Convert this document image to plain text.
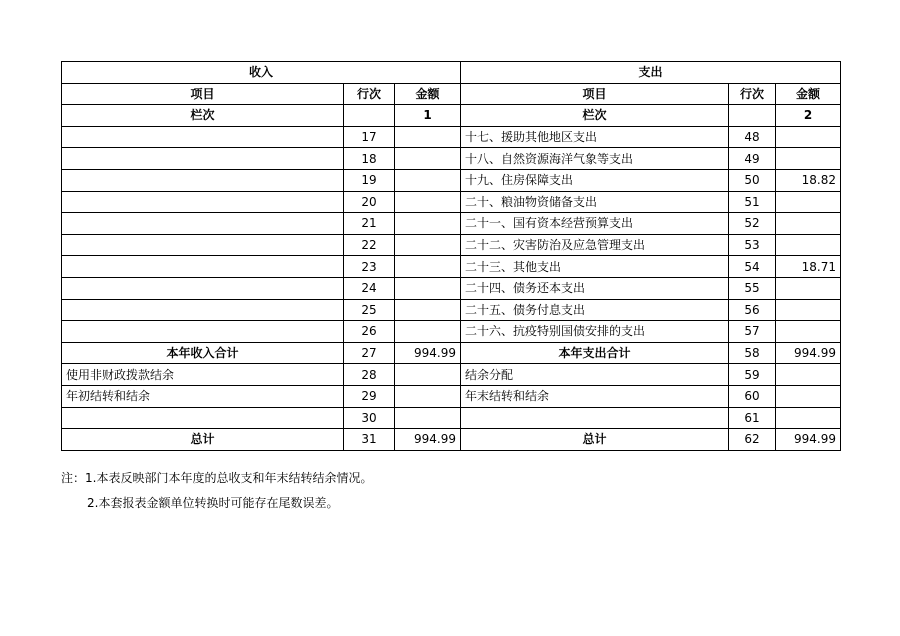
收入			支出		
项目	行次	金额	项目	行次	金额
栏次		1	栏次		2
	17		十七、援助其他地区支出	48	
	18		十八、自然资源海洋气象等支出	49	
	19		十九、住房保障支出	50	18.82
	20		二十、粮油物资储备支出	51	
	21		二十一、国有资本经营预算支出	52	
	22		二十二、灾害防治及应急管理支出	53	
	23		二十三、其他支出	54	18.71
	24		二十四、债务还本支出	55	
	25		二十五、债务付息支出	56	
	26		二十六、抗疫特别国债安排的支出	57	
本年收入合计	27	994.99	本年支出合计	58	994.99
使用非财政拨款结余	28		结余分配	59	
年初结转和结余	29		年末结转和结余	60	
	30			61	
总计	31	994.99	总计	62	994.99
注：1.本表反映部门本年度的总收支和年末结转结余情况。
2.本套报表金额单位转换时可能存在尾数误差。
